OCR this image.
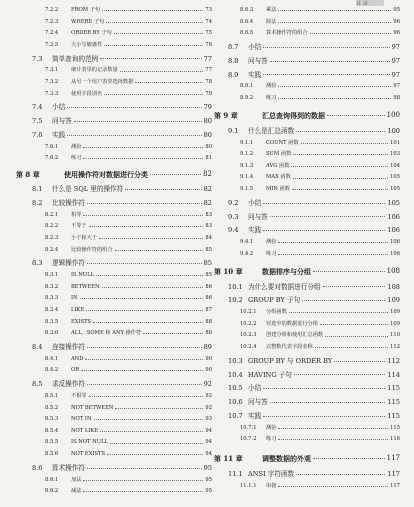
目 录
7.2.2	FROM 子句	73
7.2.3	WHERE 子句	74
7.2.4	ORDER BY 子句	75
7.2.5	大小写敏感性	76
7.3	简单查询的范例	77
7.3.1	统计表里的记录数量	77
7.3.2	从另一个用户表里选择数据	78
7.3.3	使用字段别名	79
7.4	小结	79
7.5	问与答	80
7.6	实践	80
7.6.1	测验	80
7.6.2	练习	81
第 8 章	使用操作符对数据进行分类	82
8.1	什么是 SQL 里的操作符	82
8.2	比较操作符	82
8.2.1	相等	83
8.2.2	不等于	83
8.2.3	小于和大于	84
8.2.4	比较操作符的组合	85
8.3	逻辑操作符	85
8.3.1	IS NULL	85
8.3.2	BETWEEN	86
8.3.3	IN	86
8.3.4	LIKE	87
8.3.5	EXISTS	88
8.3.6	ALL、SOME 和 ANY 操作符	88
8.4	连接操作符	89
8.4.1	AND	90
8.4.2	OR	90
8.5	求反操作符	92
8.5.1	不相等	92
8.5.2	NOT BETWEEN	92
8.5.3	NOT IN	93
8.5.4	NOT LIKE	94
8.5.5	IS NOT NULL	94
8.5.6	NOT EXISTS	94
8.6	算术操作符	95
8.6.1	加法	95
8.6.2	减法	95
8.6.3	乘法	95
8.6.4	除法	96
8.6.5	算术操作符的组合	96
8.7	小结	97
8.8	问与答	97
8.9	实践	97
8.9.1	测验	97
8.9.2	练习	98
第 9 章	汇总查询得到的数据	100
9.1	什么是汇总函数	100
9.1.1	COUNT 函数	101
9.1.2	SUM 函数	103
9.1.3	AVG 函数	104
9.1.4	MAX 函数	105
9.1.5	MIN 函数	105
9.2	小结	105
9.3	问与答	106
9.4	实践	106
9.4.1	测验	106
9.4.2	练习	106
第 10 章	数据排序与分组	108
10.1 为什么要对数据进行分组	108
10.2 GROUP BY 子句	109
10.2.1	分组函数	109
10.2.2	对选中的数据进行分组	109
10.2.3	创建分组和使用汇总函数	110
10.2.4	以整数代表字段名称	112
10.3 GROUP BY 与 ORDER BY	112
10.4 HAVING 子句	114
10.5 小结	115
10.6 问与答	115
10.7 实践	115
10.7.1	测验	115
10.7.2	练习	116
第 11 章	调整数据的外观	117
11.1 ANSI 字符函数	117
11.1.1	串接	117
